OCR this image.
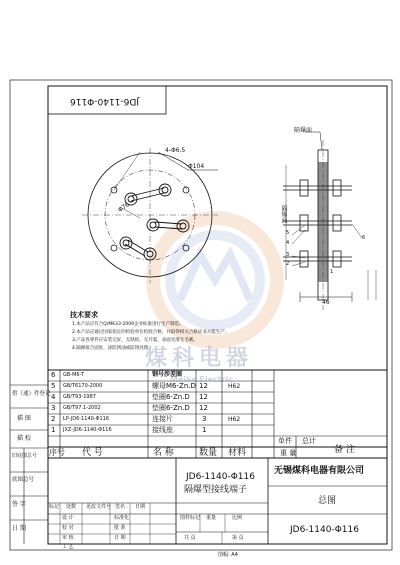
JD6-1140-Φ116
煤科电器
Meike Electric
4-Φ6.5
Φ104
Φ76
隔爆面
隔爆面
46
5
4
3
2
1
6
技术要求
1.本产品应符合Q/MK33-2009企业标准进行生产制造。
2.本产品应通过国家指定的检验单位检验合格，并取得相关合格证书方能生产。
3.产品各零件应安装完好，无缺损、无开裂、表面光滑无毛刺。
4.隔爆接合面处，涂防锈油或防锈处理。
6 GB-M6-T	钢号涉差圈
5 GB/T6170-2000	螺母M6-Zn.D 12	H62
4 GB/T93-1987	垫圈6-Zn.D 12
3 GB/T97.1-2002	垫圈6-Zn.D 12
2 LP-JD6-1140-Φ116	连接片	3	H62
1 JXZ-JD6-1140-Φ116	接线座	1
序号 代 号	名 称	数量 材料
单件 总计
重 量	备 注
借（通）件登记
描 图
描 校
旧底图总号
底图总号
签 字
日 期
标记 处数 更改文件号 签名 日期
设 计
校 对
审 核
标准化
批 准
工 艺
日 期
JD6-1140-Φ116
隔爆型接线端子
无锡煤科电器有限公司
总图
图样标记 重量	比例
共 页	第 页
JD6-1140-Φ116
图幅: A4
